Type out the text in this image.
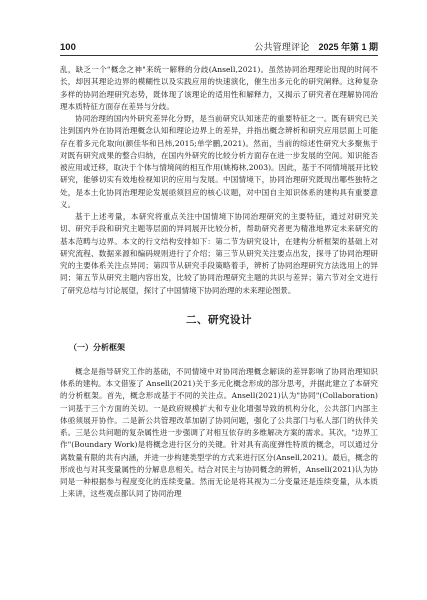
100	公共管理评论  2025 年第 1 期

乱，缺乏一个"概念之神"来统一解释的分歧(Ansell,2021)。虽然协同治理理论出现的时间不长，却因其理论边界的模糊性以及实践应用的快速演化，催生出多元化的研究阐释。这种复杂多样的协同治理研究态势，既体现了该理论的适用性和解释力，又揭示了研究者在理解协同治理本质特征方面存在差异与分歧。

协同治理的国内外研究差异化分野，是当前研究认知迷茫的重要特征之一。既有研究已关注到国内外在协同治理概念认知和理论边界上的差异，并指出概念辨析和研究应用层面上可能存在着多元化取向(颜佳华和吕炜,2015;单学鹏,2021)。然而，当前的综述性研究大多聚焦于对既有研究成果的整合归纳，在国内外研究的比较分析方面存在进一步发展的空间。知识能否被应用或迁移，取决于个体与情境间的相互作用(姚梅林,2003)。因此，基于不同情境展开比较研究，能够切实有效地检视知识的应用与发展。中国情境下，协同治理研究既现出哪些独特之处，是本土化协同治理理论发展亟须回应的核心议题，对中国自主知识体系的建构具有重要意义。

基于上述考量，本研究将重点关注中国情境下协同治理研究的主要特征，通过对研究关切、研究手段和研究主题等层面的异同展开比较分析，帮助研究者更为精准地界定未来研究的基本范畴与边界。本文的行文结构安排如下：第二节为研究设计，在建构分析框架的基础上对研究流程、数据来源和编码规则进行了介绍；第三节从研究关注要点出发，探寻了协同治理研究的主要体系关注点异同；第四节从研究手段策略着手，辨析了协同治理研究方法选用上的异同；第五节从研究主题内容出发，比较了协同治理研究主题的共识与差异；第六节对全文进行了研究总结与讨论展望，探讨了中国情境下协同治理的未来理论图景。

二、研究设计
（一）分析框架

概念是指导研究工作的基础，不同情境中对协同治理概念解读的差异影响了协同治理知识体系的建构。本文借鉴了 Ansell(2021)关于多元化概念形成的部分思考，并据此建立了本研究的分析框架。首先，概念形成基于不同的关注点。Ansell(2021)认为"协同"(Collaboration)一词基于三个方面的关切。一是政府规模扩大和专业化增强导致的机构分化，公共部门内部主体亟须展开协作。二是新公共管理改革加剧了协同问题，强化了公共部门与私人部门的伙伴关系。三是公共问题的复杂属性进一步强调了对相互依存的多维解决方案的需求。其次，"边界工作"(Boundary Work)是将概念进行区分的关键。针对具有高度弹性特质的概念，可以通过分离数量有限的共有内涵，并进一步构建类型学的方式来进行区分(Ansell,2021)。最后，概念的形成也与对其变量属性的分解息息相关。结合对民主与协同概念的辨析，Ansell(2021)认为协同是一种根据参与程度变化的连续变量。然而无论是将其视为二分变量还是连续变量，从本质上来讲，这些观点都认同了协同治理
